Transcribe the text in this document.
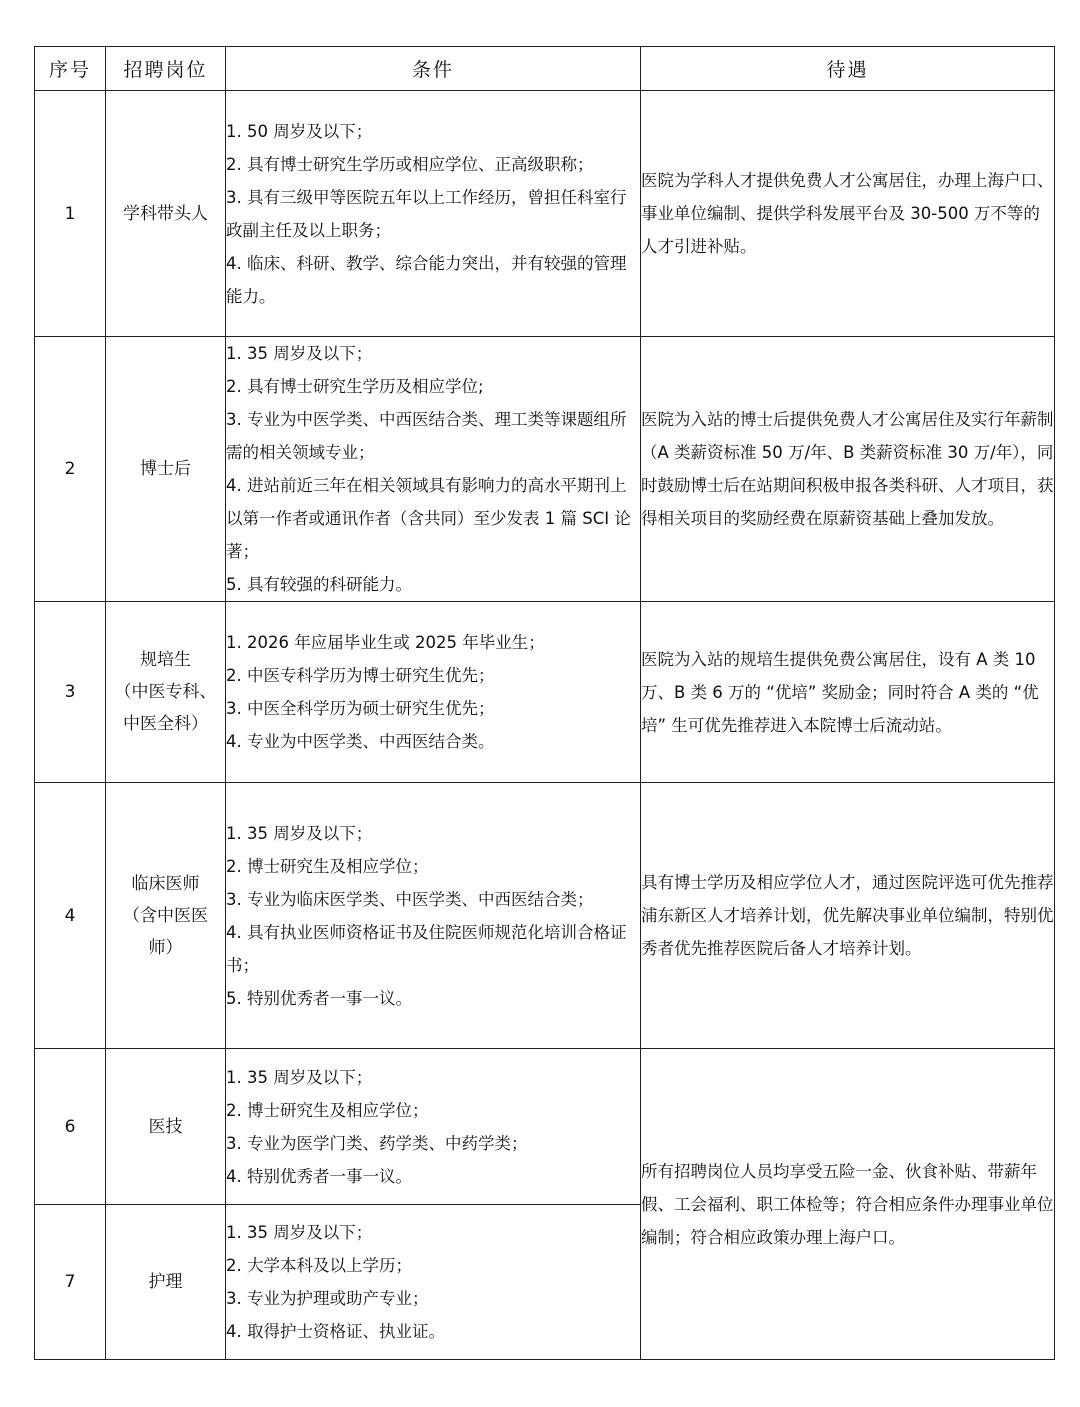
序号	招聘岗位	条件	待遇
1	学科带头人	1. 50 周岁及以下；
2. 具有博士研究生学历或相应学位、正高级职称；
3. 具有三级甲等医院五年以上工作经历，曾担任科室行政副主任及以上职务；
4. 临床、科研、教学、综合能力突出，并有较强的管理能力。	医院为学科人才提供免费人才公寓居住，办理上海户口、事业单位编制、提供学科发展平台及 30-500 万不等的人才引进补贴。

2	博士后	1. 35 周岁及以下；
2. 具有博士研究生学历及相应学位;
3. 专业为中医学类、中西医结合类、理工类等课题组所需的相关领域专业；
4. 进站前近三年在相关领域具有影响力的高水平期刊上以第一作者或通讯作者（含共同）至少发表 1 篇 SCI 论著；
5. 具有较强的科研能力。	医院为入站的博士后提供免费人才公寓居住及实行年薪制（A 类薪资标准 50 万/年、B 类薪资标准 30 万/年），同时鼓励博士后在站期间积极申报各类科研、人才项目，获得相关项目的奖励经费在原薪资基础上叠加发放。

3	规培生
（中医专科、
中医全科）	1. 2026 年应届毕业生或 2025 年毕业生；
2. 中医专科学历为博士研究生优先；
3. 中医全科学历为硕士研究生优先；
4. 专业为中医学类、中西医结合类。	医院为入站的规培生提供免费公寓居住，设有 A 类 10 万、B 类 6 万的 “优培” 奖励金；同时符合 A 类的 “优培” 生可优先推荐进入本院博士后流动站。

4	临床医师
（含中医医
师）	1. 35 周岁及以下；
2. 博士研究生及相应学位；
3. 专业为临床医学类、中医学类、中西医结合类；
4. 具有执业医师资格证书及住院医师规范化培训合格证书；
5. 特别优秀者一事一议。	具有博士学历及相应学位人才，通过医院评选可优先推荐浦东新区人才培养计划，优先解决事业单位编制，特别优秀者优先推荐医院后备人才培养计划。

6	医技	1. 35 周岁及以下；
2. 博士研究生及相应学位；
3. 专业为医学门类、药学类、中药学类；
4. 特别优秀者一事一议。	所有招聘岗位人员均享受五险一金、伙食补贴、带薪年假、工会福利、职工体检等；符合相应条件办理事业单位编制；符合相应政策办理上海户口。

7	护理	1. 35 周岁及以下；
2. 大学本科及以上学历；
3. 专业为护理或助产专业；
4. 取得护士资格证、执业证。	
